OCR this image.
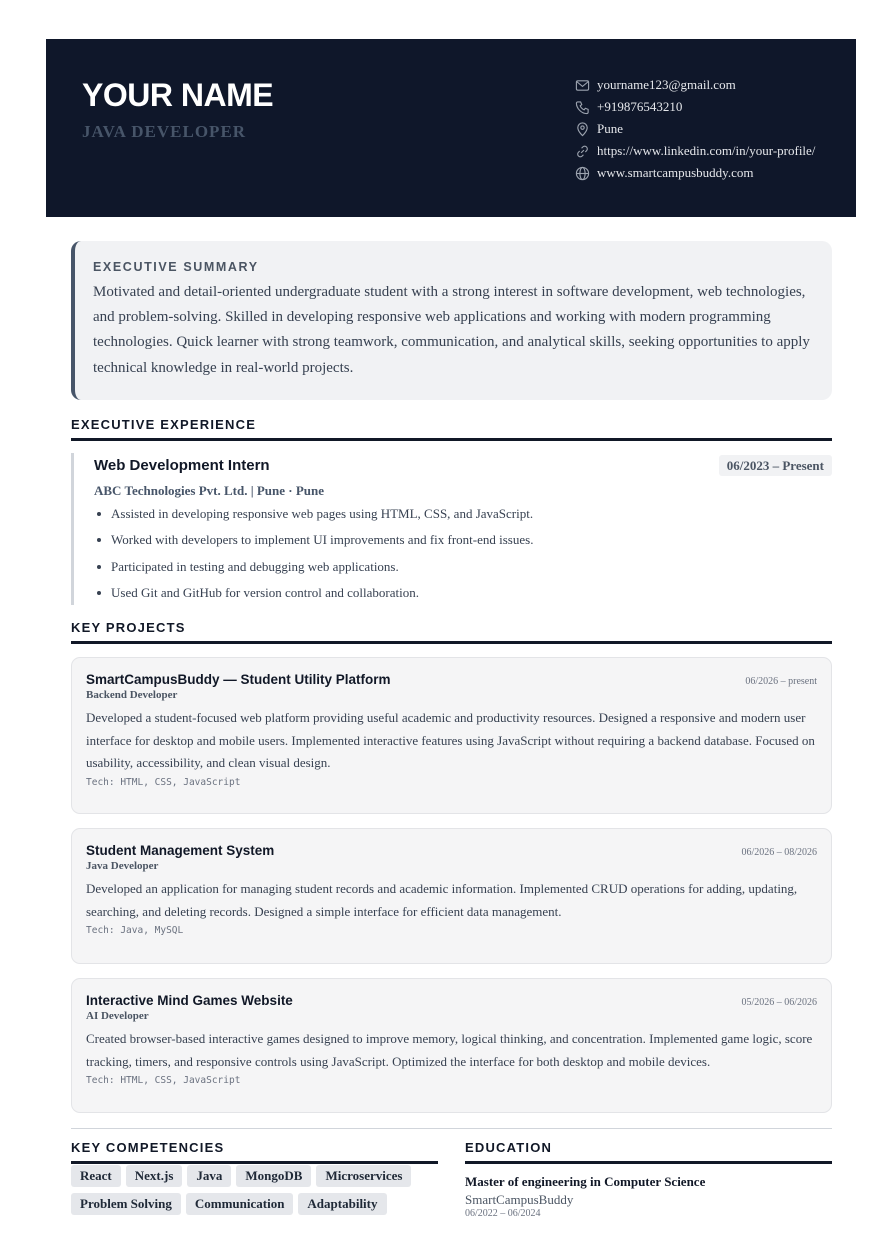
YOUR NAME
JAVA DEVELOPER
yourname123@gmail.com
+919876543210
Pune
https://www.linkedin.com/in/your-profile/
www.smartcampusbuddy.com
EXECUTIVE SUMMARY
Motivated and detail-oriented undergraduate student with a strong interest in software development, web technologies, and problem-solving. Skilled in developing responsive web applications and working with modern programming technologies. Quick learner with strong teamwork, communication, and analytical skills, seeking opportunities to apply technical knowledge in real-world projects.
EXECUTIVE EXPERIENCE
Web Development Intern	06/2023 – Present
ABC Technologies Pvt. Ltd. | Pune · Pune
Assisted in developing responsive web pages using HTML, CSS, and JavaScript.
Worked with developers to implement UI improvements and fix front-end issues.
Participated in testing and debugging web applications.
Used Git and GitHub for version control and collaboration.
KEY PROJECTS
SmartCampusBuddy — Student Utility Platform	06/2026 – present
Backend Developer
Developed a student-focused web platform providing useful academic and productivity resources. Designed a responsive and modern user interface for desktop and mobile users. Implemented interactive features using JavaScript without requiring a backend database. Focused on usability, accessibility, and clean visual design.
Tech: HTML, CSS, JavaScript
Student Management System	06/2026 – 08/2026
Java Developer
Developed an application for managing student records and academic information. Implemented CRUD operations for adding, updating, searching, and deleting records. Designed a simple interface for efficient data management.
Tech: Java, MySQL
Interactive Mind Games Website	05/2026 – 06/2026
AI Developer
Created browser-based interactive games designed to improve memory, logical thinking, and concentration. Implemented game logic, score tracking, timers, and responsive controls using JavaScript. Optimized the interface for both desktop and mobile devices.
Tech: HTML, CSS, JavaScript
KEY COMPETENCIES
React Next.js Java MongoDB MicroservicesProblem Solving Communication Adaptability
EDUCATION
Master of engineering in Computer Science
SmartCampusBuddy
06/2022 – 06/2024
